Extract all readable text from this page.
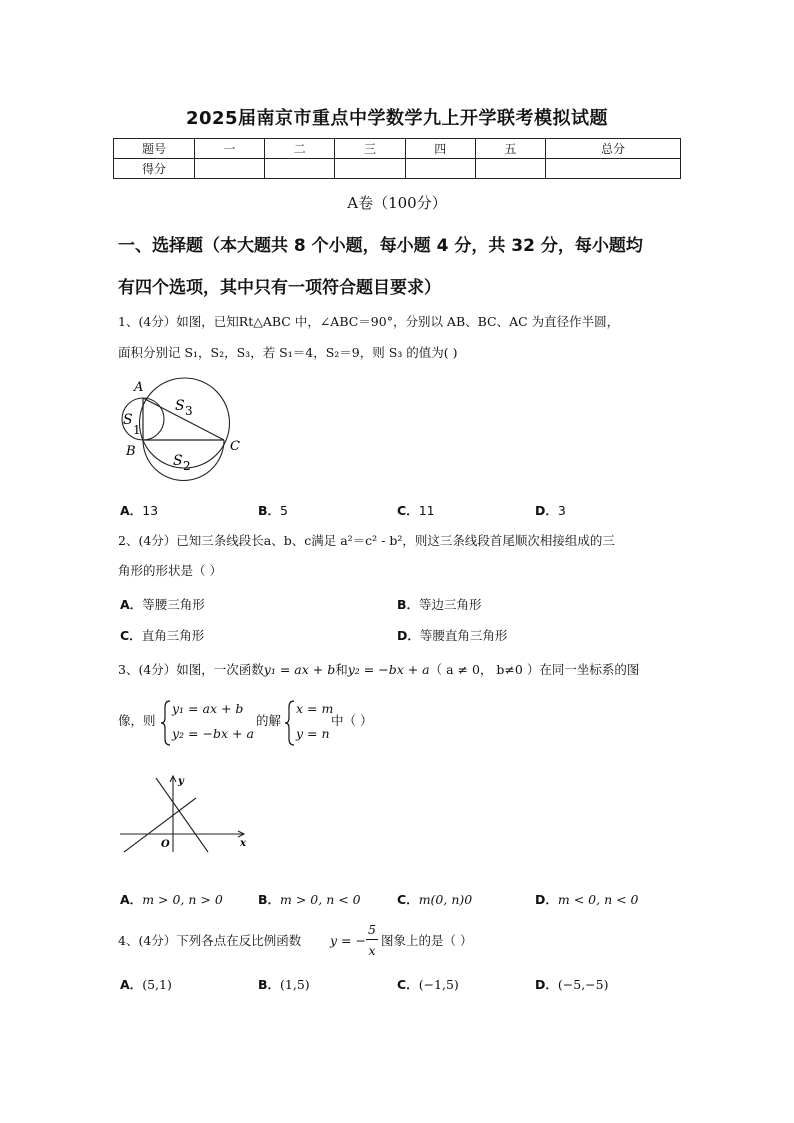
2025届南京市重点中学数学九上开学联考模拟试题
题号	一	二	三	四	五	总分
得分						
A卷（100分）
一、选择题（本大题共 8 个小题，每小题 4 分，共 32 分，每小题均
有四个选项，其中只有一项符合题目要求）
1、(4分）如图，已知Rt△ABC 中，∠ABC＝90°，分别以 AB、BC、AC 为直径作半圆，
面积分别记 S₁，S₂，S₃，若 S₁＝4，S₂＝9，则 S₃ 的值为( )
A
B	C
S
1
S 3
S 2
A．13	B．5	C．11	D．3
2、(4分）已知三条线段长a、b、c满足 a²＝c² - b²，则这三条线段首尾顺次相接组成的三
角形的形状是（ ）
A．等腰三角形	B．等边三角形
C．直角三角形	D．等腰直角三角形
3、(4分）如图，一次函数y₁ = ax + b和y₂ = −bx + a（ a ≠ 0， b≠0 ）在同一坐标系的图
像，则
y₁ = ax + b
y₂ = −bx + a
的解
x = m
y = n
中（ ）
y
x
O
A．m > 0, n > 0	B．m > 0, n < 0	C．m(0, n)0	D．m < 0, n < 0
4、(4分）下列各点在反比例函数 y = −
5
x
图象上的是（ ）
A．(5,1)	B．(1,5)	C．(−1,5)	D．(−5,−5)
